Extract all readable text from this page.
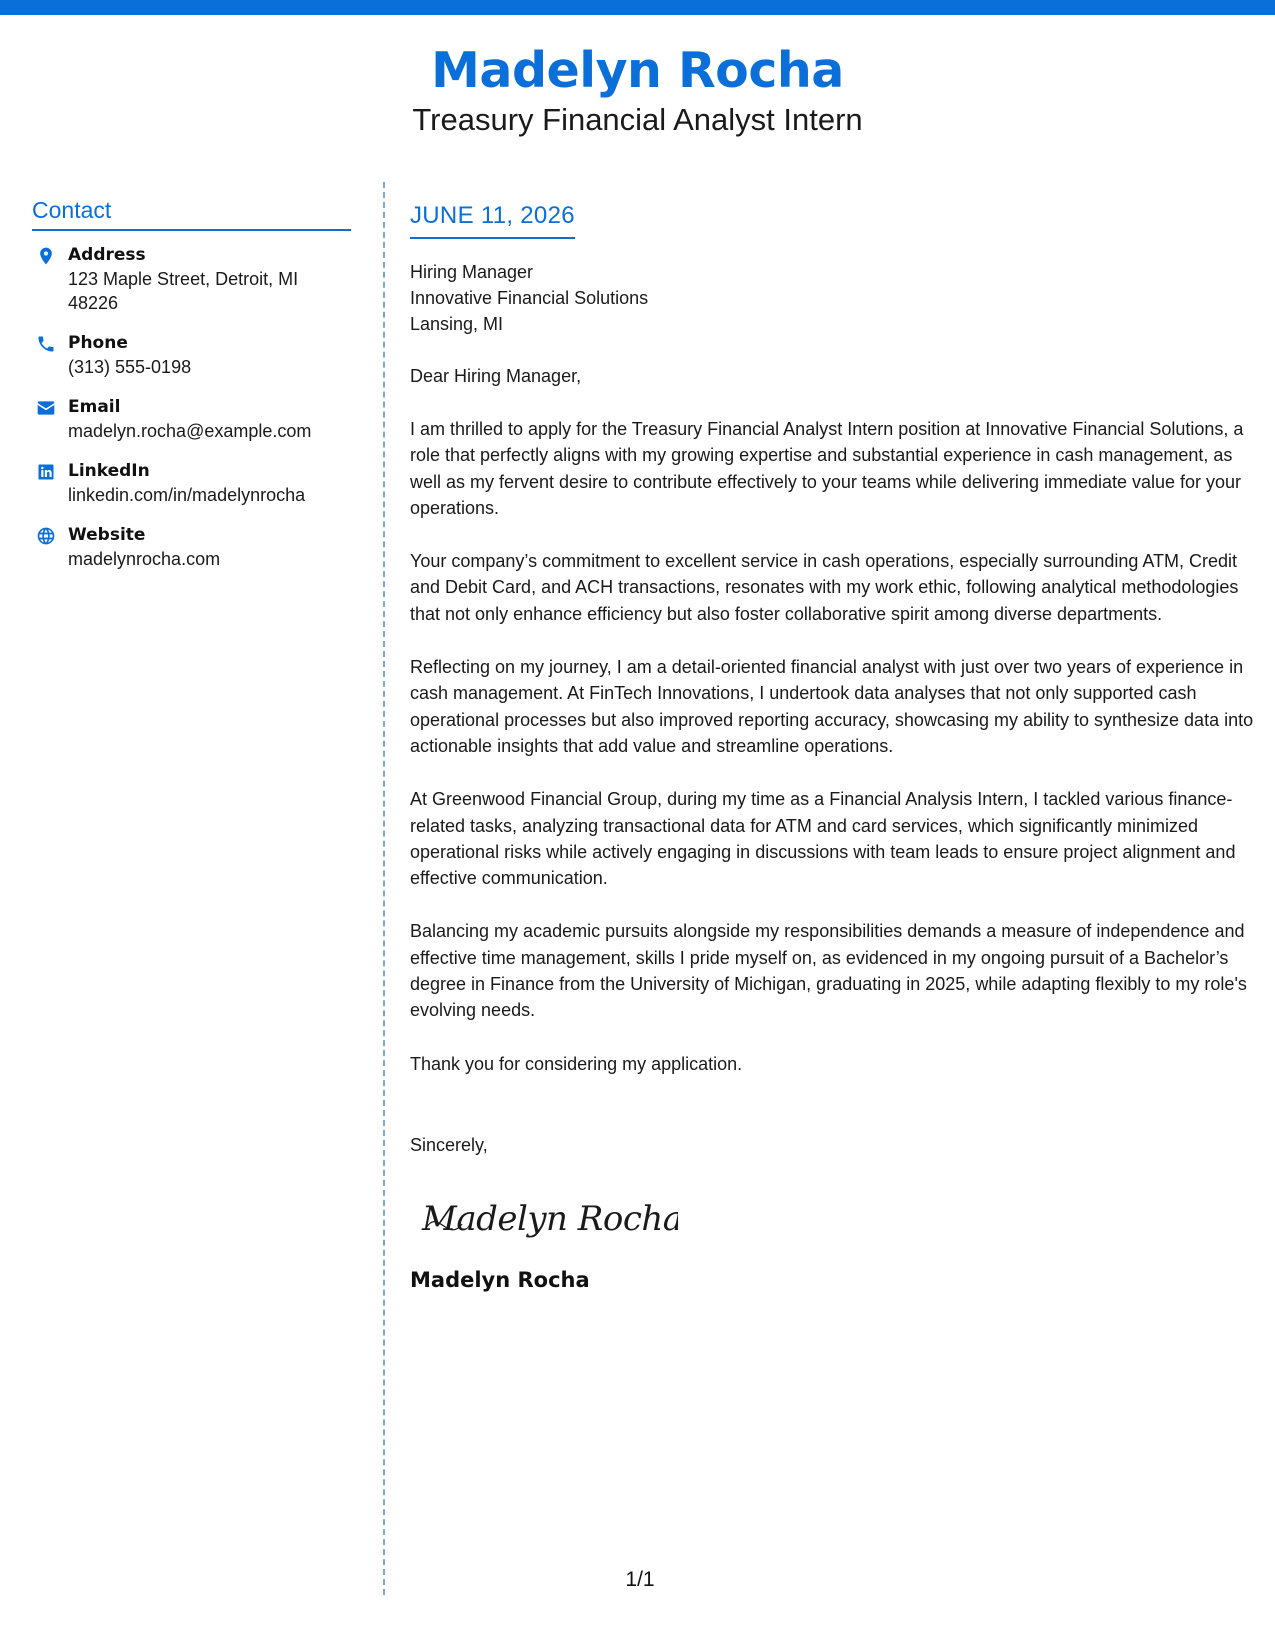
Madelyn Rocha
Treasury Financial Analyst Intern
Contact
Address
123 Maple Street, Detroit, MI 48226
Phone
(313) 555-0198
Email
madelyn.rocha@example.com
LinkedIn
linkedin.com/in/madelynrocha
Website
madelynrocha.com
JUNE 11, 2026
Hiring Manager
Innovative Financial Solutions
Lansing, MI
Dear Hiring Manager,

I am thrilled to apply for the Treasury Financial Analyst Intern position at Innovative Financial Solutions, a role that perfectly aligns with my growing expertise and substantial experience in cash management, as well as my fervent desire to contribute effectively to your teams while delivering immediate value for your operations.

Your company’s commitment to excellent service in cash operations, especially surrounding ATM, Credit and Debit Card, and ACH transactions, resonates with my work ethic, following analytical methodologies that not only enhance efficiency but also foster collaborative spirit among diverse departments.

Reflecting on my journey, I am a detail-oriented financial analyst with just over two years of experience in cash management. At FinTech Innovations, I undertook data analyses that not only supported cash operational processes but also improved reporting accuracy, showcasing my ability to synthesize data into actionable insights that add value and streamline operations.

At Greenwood Financial Group, during my time as a Financial Analysis Intern, I tackled various finance-related tasks, analyzing transactional data for ATM and card services, which significantly minimized operational risks while actively engaging in discussions with team leads to ensure project alignment and effective communication.

Balancing my academic pursuits alongside my responsibilities demands a measure of independence and effective time management, skills I pride myself on, as evidenced in my ongoing pursuit of a Bachelor’s degree in Finance from the University of Michigan, graduating in 2025, while adapting flexibly to my role's evolving needs.

Thank you for considering my application.

Sincerely,
Madelyn Rocha
Madelyn Rocha
1/1
